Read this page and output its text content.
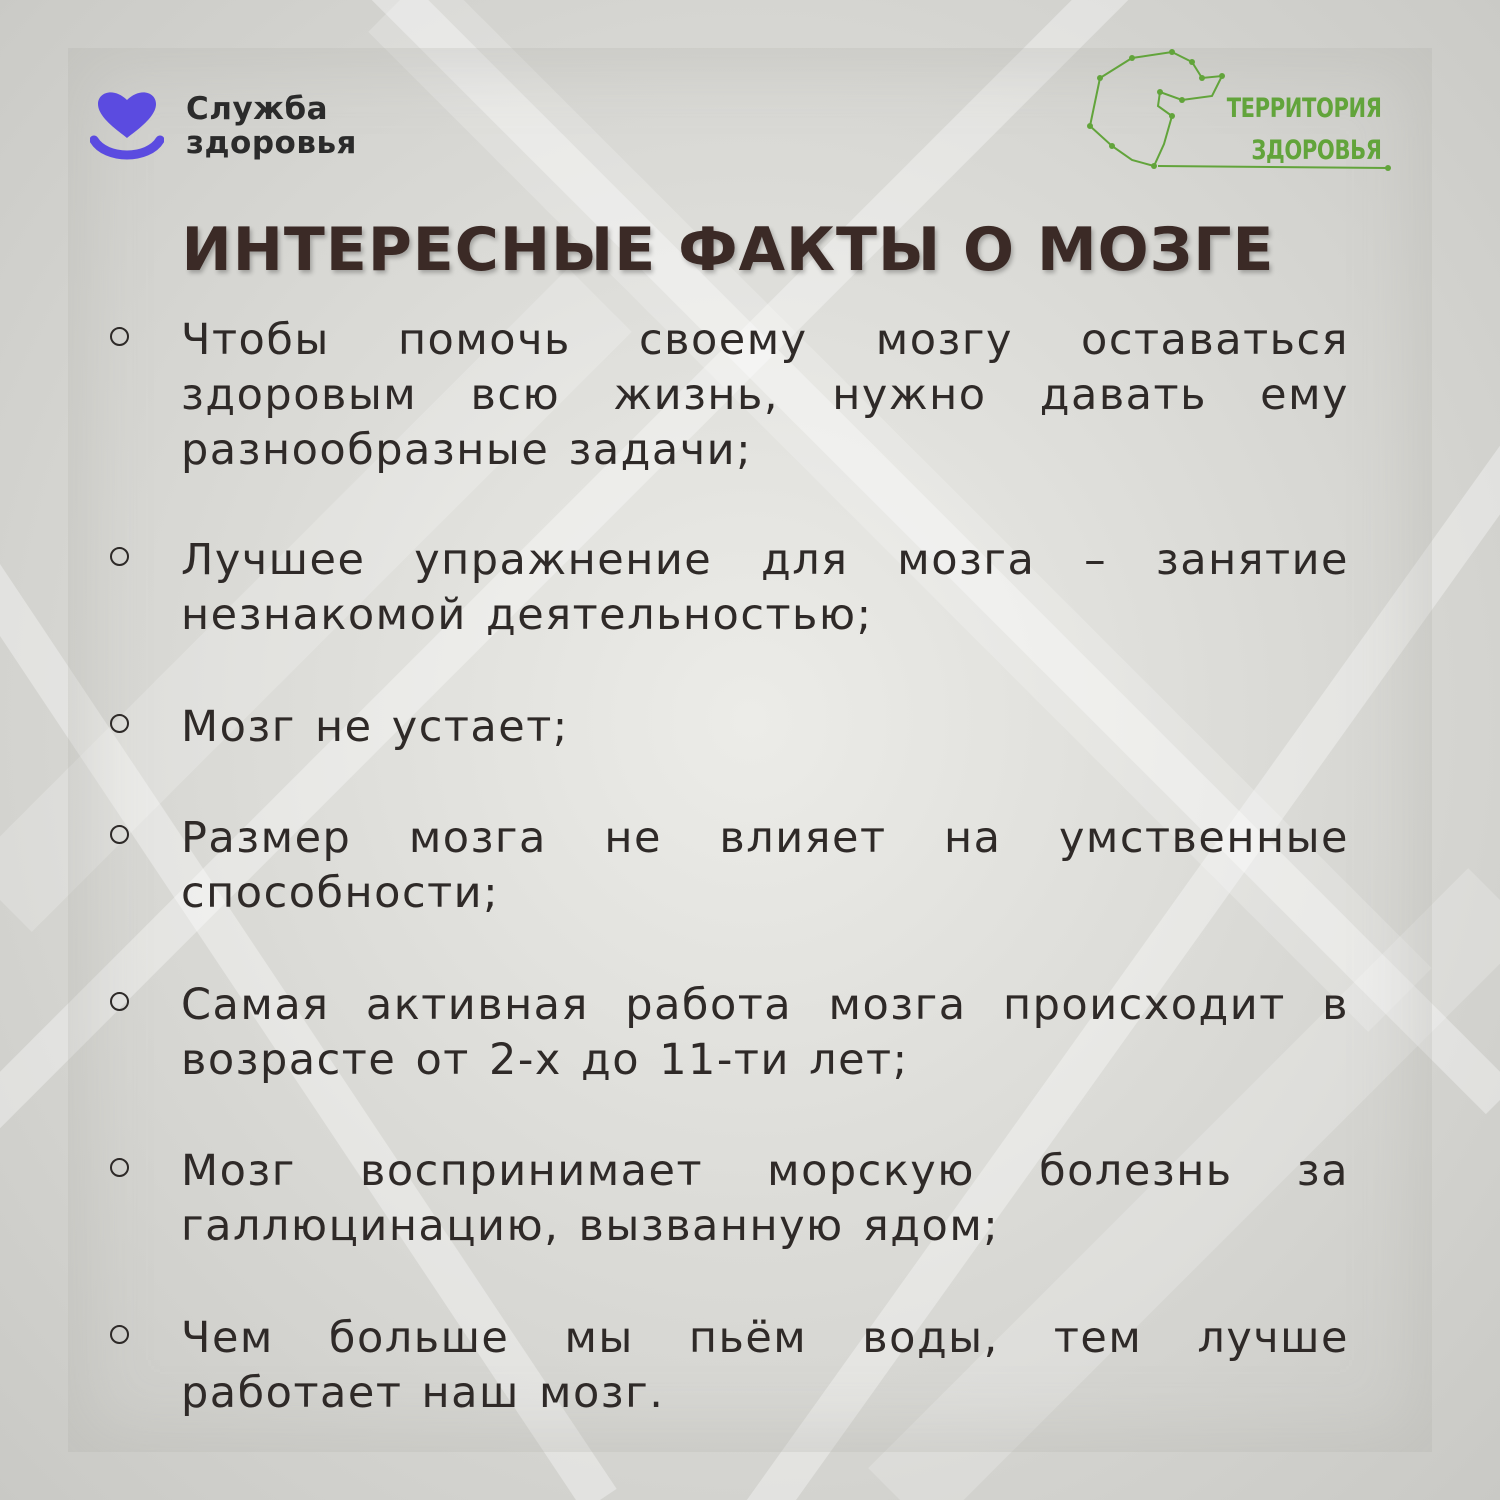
Служба
здоровья
ТЕРРИТОРИЯ
ЗДОРОВЬЯ
ИНТЕРЕСНЫЕ ФАКТЫ О МОЗГЕ
Чтобы помочь своему мозгу оставаться здоровым всю жизнь, нужно давать ему разнообразные задачи;
Лучшее упражнение для мозга – занятие незнакомой деятельностью;
Мозг не устает;
Размер мозга не влияет на умственные способности;
Самая активная работа мозга происходит в возрасте от 2-х до 11-ти лет;
Мозг воспринимает морскую болезнь за галлюцинацию, вызванную ядом;
Чем больше мы пьём воды, тем лучше работает наш мозг.
